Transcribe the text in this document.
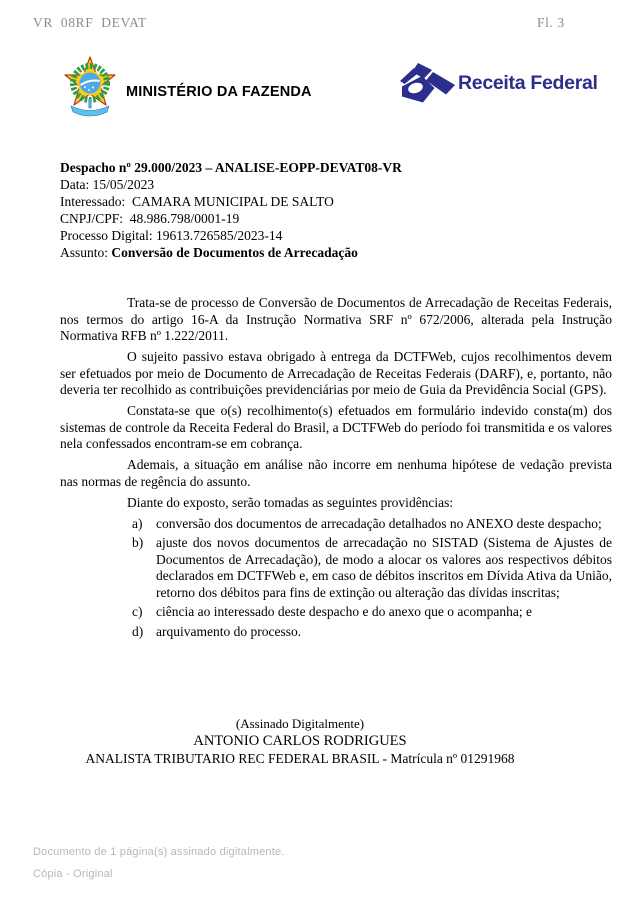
VR  08RF  DEVAT	Fl. 3
MINISTÉRIO DA FAZENDA	Receita Federal
Despacho nº 29.000/2023 – ANALISE-EOPP-DEVAT08-VR
Data: 15/05/2023
Interessado:  CAMARA MUNICIPAL DE SALTO
CNPJ/CPF:  48.986.798/0001-19
Processo Digital: 19613.726585/2023-14
Assunto: Conversão de Documentos de Arrecadação

Trata-se de processo de Conversão de Documentos de Arrecadação de Receitas Federais, nos termos do artigo 16-A da Instrução Normativa SRF nº 672/2006, alterada pela Instrução Normativa RFB nº 1.222/2011.

O sujeito passivo estava obrigado à entrega da DCTFWeb, cujos recolhimentos devem ser efetuados por meio de Documento de Arrecadação de Receitas Federais (DARF), e, portanto, não deveria ter recolhido as contribuições previdenciárias por meio de Guia da Previdência Social (GPS).

Constata-se que o(s) recolhimento(s) efetuados em formulário indevido consta(m) dos sistemas de controle da Receita Federal do Brasil, a DCTFWeb do período foi transmitida e os valores nela confessados encontram-se em cobrança.

Ademais, a situação em análise não incorre em nenhuma hipótese de vedação prevista nas normas de regência do assunto.

Diante do exposto, serão tomadas as seguintes providências:

a)	conversão dos documentos de arrecadação detalhados no ANEXO deste despacho;
b) ajuste dos novos documentos de arrecadação no SISTAD (Sistema de Ajustes de Documentos de Arrecadação), de modo a alocar os valores aos respectivos débitos declarados em DCTFWeb e, em caso de débitos inscritos em Dívida Ativa da União, retorno dos débitos para fins de extinção ou alteração das dívidas inscritas;
c)	ciência ao interessado deste despacho e do anexo que o acompanha; e
d) arquivamento do processo.
(Assinado Digitalmente)
ANTONIO CARLOS RODRIGUES
ANALISTA TRIBUTARIO REC FEDERAL BRASIL - Matrícula nº 01291968
Documento de 1 página(s) assinado digitalmente.
Cópia - Original
